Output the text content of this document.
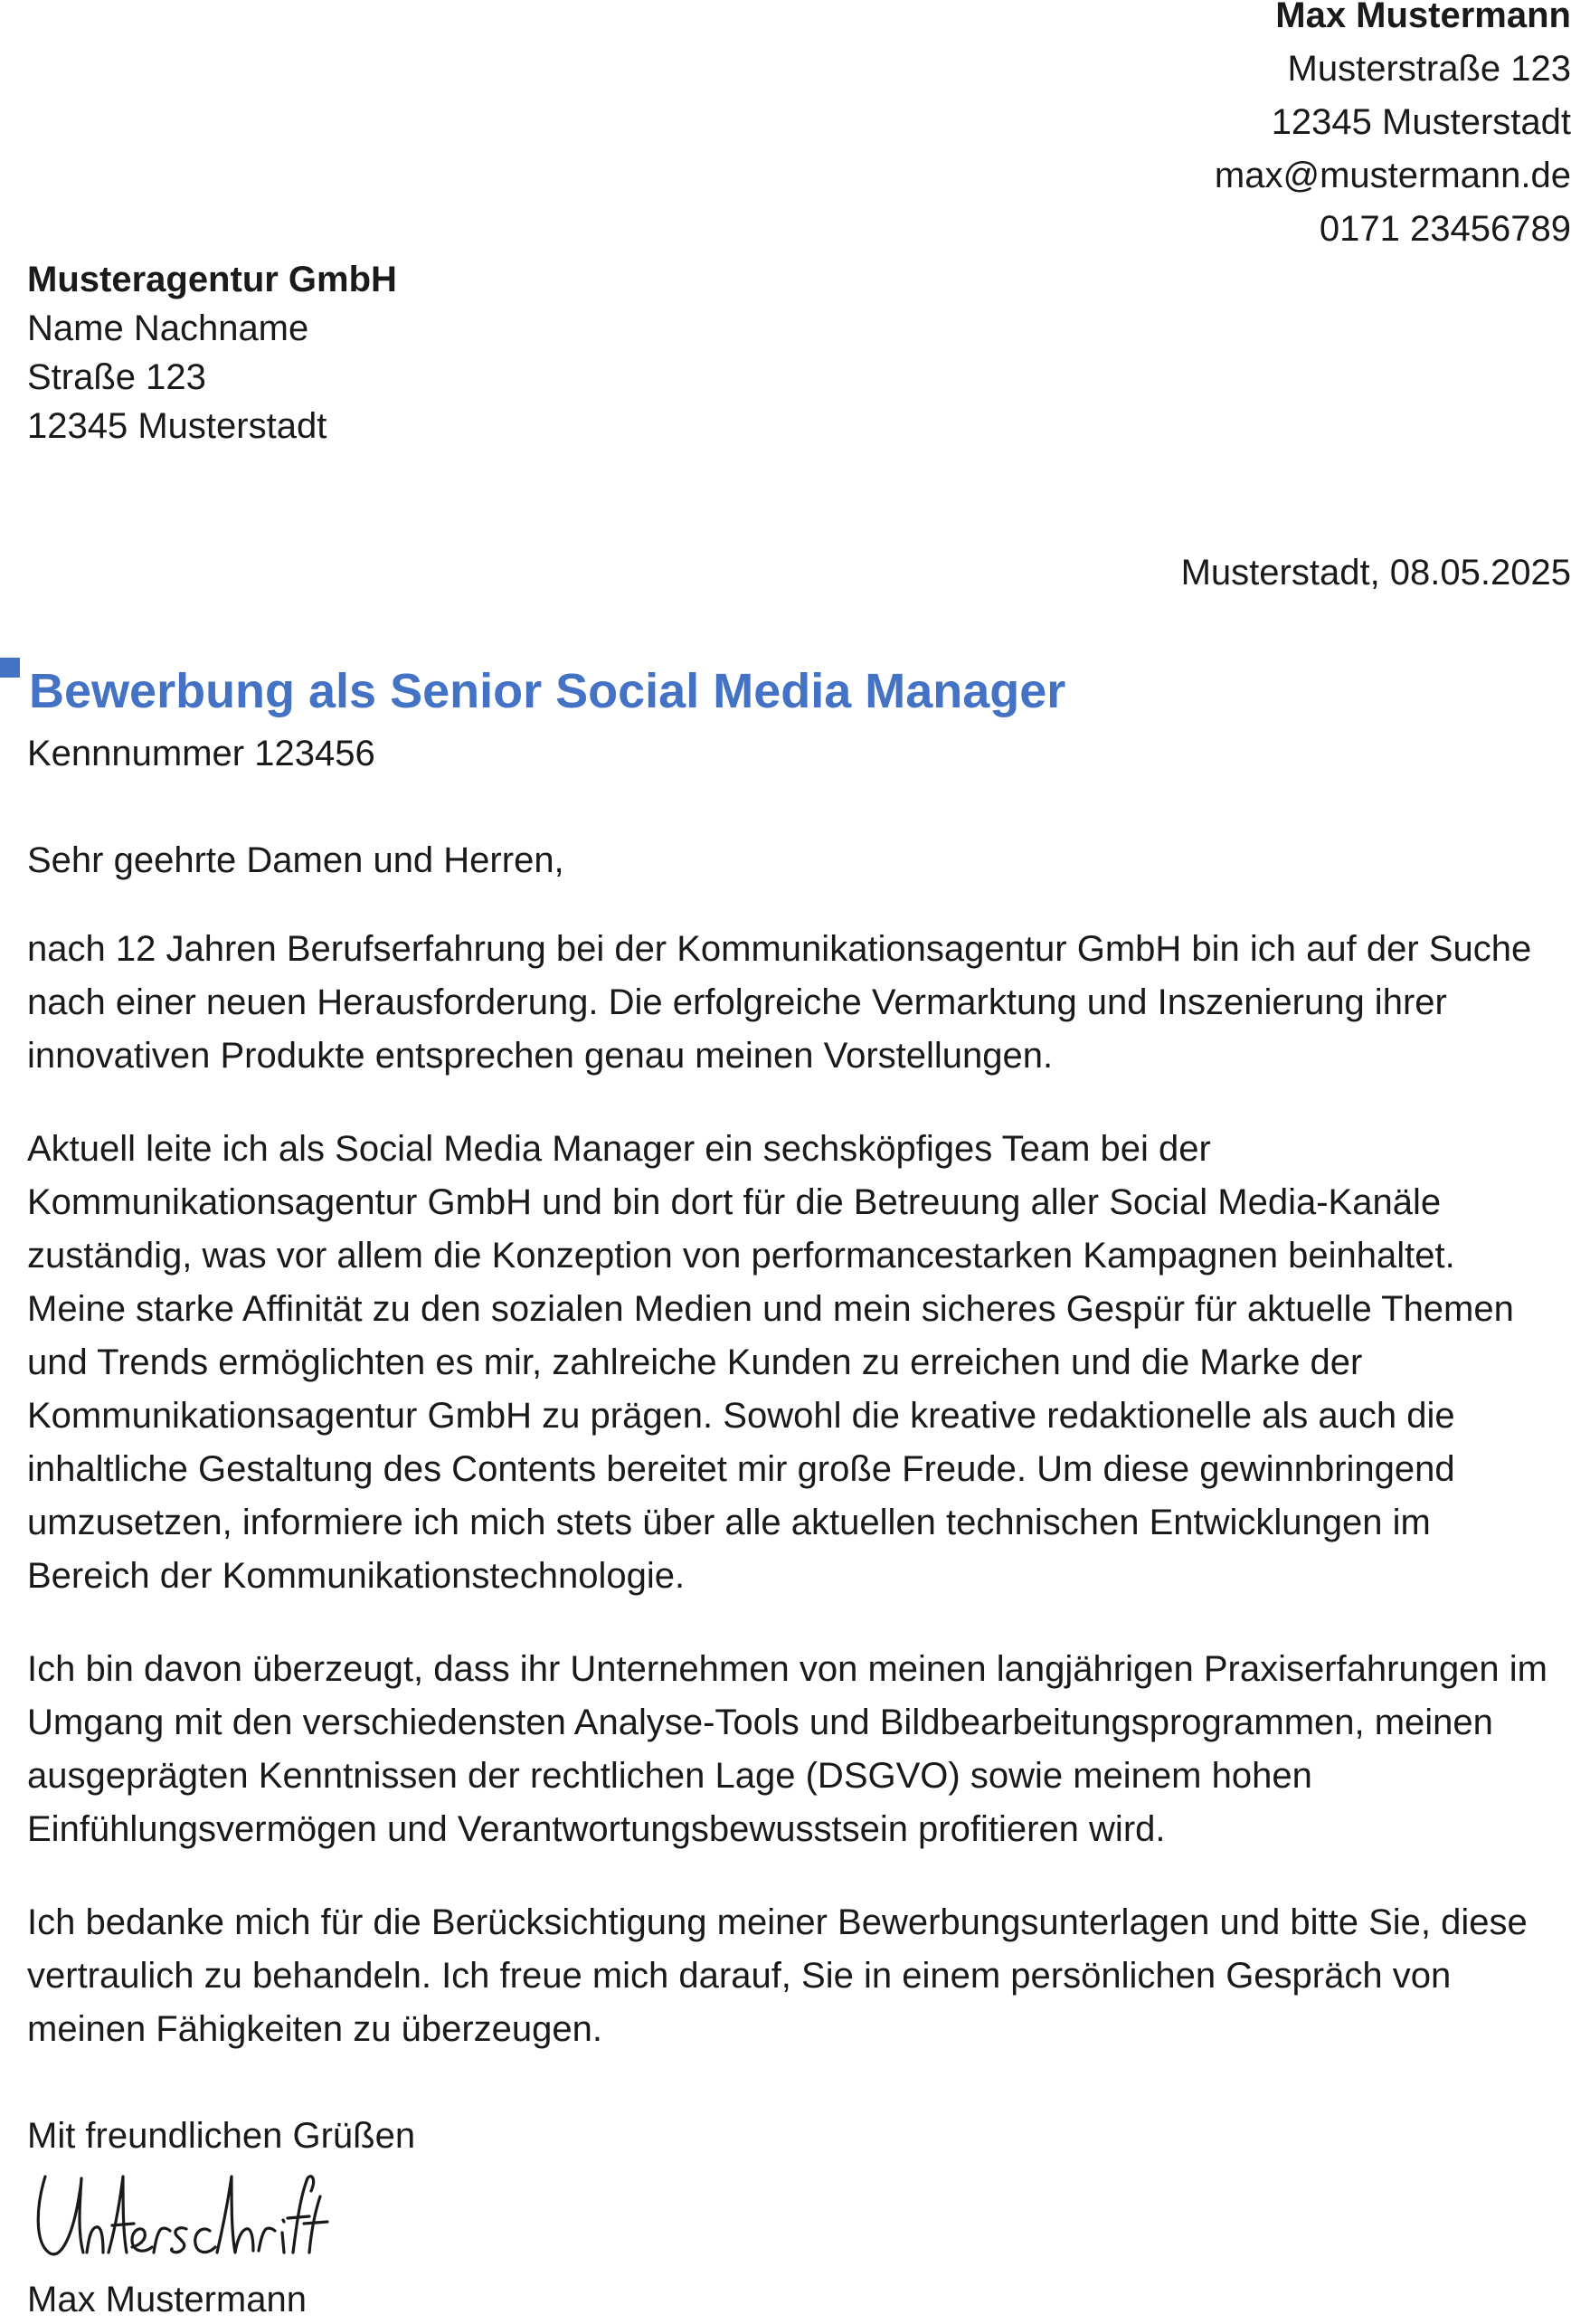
Max Mustermann
Musterstraße 123
12345 Musterstadt
max@mustermann.de
0171 23456789
Musteragentur GmbH
Name Nachname
Straße 123
12345 Musterstadt
Musterstadt, 08.05.2025
Bewerbung als Senior Social Media Manager
Kennnummer 123456

Sehr geehrte Damen und Herren,

nach 12 Jahren Berufserfahrung bei der Kommunikationsagentur GmbH bin ich auf der Suche
nach einer neuen Herausforderung. Die erfolgreiche Vermarktung und Inszenierung ihrer
innovativen Produkte entsprechen genau meinen Vorstellungen.

Aktuell leite ich als Social Media Manager ein sechsköpfiges Team bei der
Kommunikationsagentur GmbH und bin dort für die Betreuung aller Social Media-Kanäle
zuständig, was vor allem die Konzeption von performancestarken Kampagnen beinhaltet.
Meine starke Affinität zu den sozialen Medien und mein sicheres Gespür für aktuelle Themen
und Trends ermöglichten es mir, zahlreiche Kunden zu erreichen und die Marke der
Kommunikationsagentur GmbH zu prägen. Sowohl die kreative redaktionelle als auch die
inhaltliche Gestaltung des Contents bereitet mir große Freude. Um diese gewinnbringend
umzusetzen, informiere ich mich stets über alle aktuellen technischen Entwicklungen im
Bereich der Kommunikationstechnologie.

Ich bin davon überzeugt, dass ihr Unternehmen von meinen langjährigen Praxiserfahrungen im
Umgang mit den verschiedensten Analyse-Tools und Bildbearbeitungsprogrammen, meinen
ausgeprägten Kenntnissen der rechtlichen Lage (DSGVO) sowie meinem hohen
Einfühlungsvermögen und Verantwortungsbewusstsein profitieren wird.

Ich bedanke mich für die Berücksichtigung meiner Bewerbungsunterlagen und bitte Sie, diese
vertraulich zu behandeln. Ich freue mich darauf, Sie in einem persönlichen Gespräch von
meinen Fähigkeiten zu überzeugen.

Mit freundlichen Grüßen
Max Mustermann
